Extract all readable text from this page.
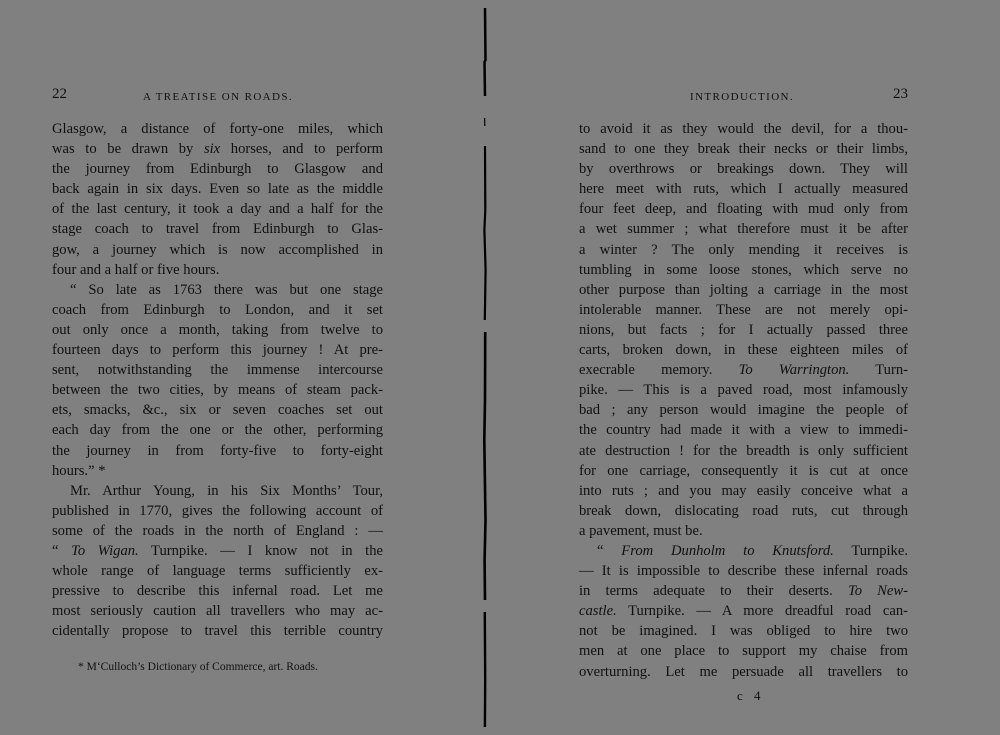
22	A TREATISE ON ROADS.
Glasgow, a distance of forty-one miles, which
was to be drawn by six horses, and to perform
the journey from Edinburgh to Glasgow and
back again in six days. Even so late as the middle
of the last century, it took a day and a half for the
stage coach to travel from Edinburgh to Glas-
gow, a journey which is now accomplished in
four and a half or five hours.
“ So late as 1763 there was but one stage
coach from Edinburgh to London, and it set
out only once a month, taking from twelve to
fourteen days to perform this journey ! At pre-
sent, notwithstanding the immense intercourse
between the two cities, by means of steam pack-
ets, smacks, &c., six or seven coaches set out
each day from the one or the other, performing
the journey in from forty-five to forty-eight
hours.” *
Mr. Arthur Young, in his Six Months’ Tour,
published in 1770, gives the following account of
some of the roads in the north of England : —
“ To Wigan. Turnpike. — I know not in the
whole range of language terms sufficiently ex-
pressive to describe this infernal road. Let me
most seriously caution all travellers who may ac-
cidentally propose to travel this terrible country
* M‘Culloch’s Dictionary of Commerce, art. Roads.
INTRODUCTION.	23
to avoid it as they would the devil, for a thou-
sand to one they break their necks or their limbs,
by overthrows or breakings down. They will
here meet with ruts, which I actually measured
four feet deep, and floating with mud only from
a wet summer ; what therefore must it be after
a winter ? The only mending it receives is
tumbling in some loose stones, which serve no
other purpose than jolting a carriage in the most
intolerable manner. These are not merely opi-
nions, but facts ; for I actually passed three
carts, broken down, in these eighteen miles of
execrable memory. To Warrington. Turn-
pike. — This is a paved road, most infamously
bad ; any person would imagine the people of
the country had made it with a view to immedi-
ate destruction ! for the breadth is only sufficient
for one carriage, consequently it is cut at once
into ruts ; and you may easily conceive what a
break down, dislocating road ruts, cut through
a pavement, must be.
“ From Dunholm to Knutsford. Turnpike.
— It is impossible to describe these infernal roads
in terms adequate to their deserts. To New-
castle. Turnpike. — A more dreadful road can-
not be imagined. I was obliged to hire two
men at one place to support my chaise from
overturning. Let me persuade all travellers to
c 4
